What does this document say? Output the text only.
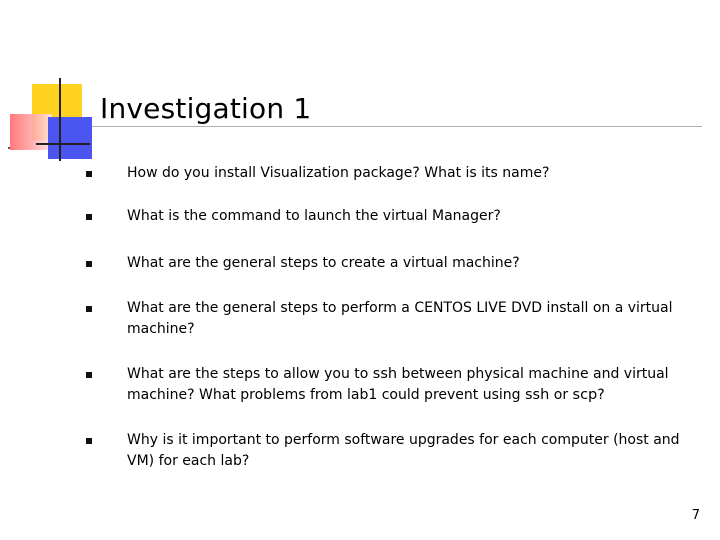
Investigation 1
How do you install Visualization package? What is its name?
What is the command to launch the virtual Manager?
What are the general steps to create a virtual machine?
What are the general steps to perform a CENTOS LIVE DVD install on a virtual machine?
What are the steps to allow you to ssh between physical machine and virtual machine? What problems from lab1 could prevent using ssh or scp?
Why is it important to perform software upgrades for each computer (host and VM) for each lab?
7
